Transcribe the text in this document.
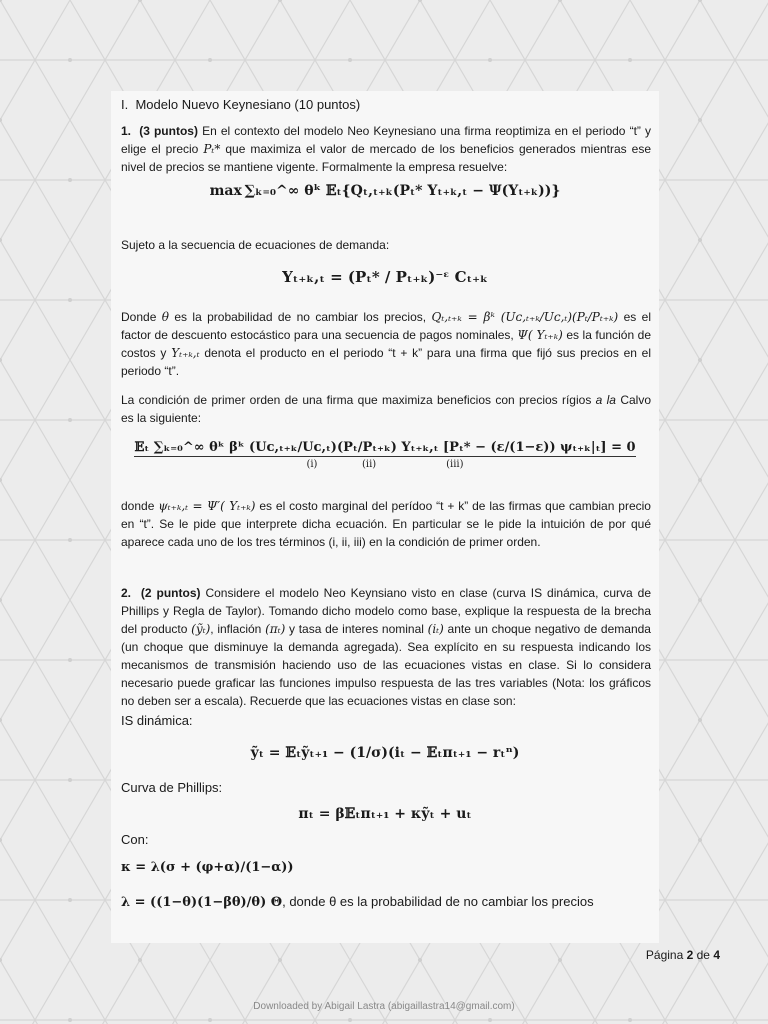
I.  Modelo Nuevo Keynesiano (10 puntos)
1.  (3 puntos) En el contexto del modelo Neo Keynesiano una firma reoptimiza en el periodo “t” y elige el precio Pₜ* que maximiza el valor de mercado de los beneficios generados mientras ese nivel de precios se mantiene vigente. Formalmente la empresa resuelve:
max ∑ₖ₌₀^∞ θᵏ 𝔼ₜ{Qₜ,ₜ₊ₖ(Pₜ* Yₜ₊ₖ,ₜ − Ψ(Yₜ₊ₖ))}
Sujeto a la secuencia de ecuaciones de demanda:
Yₜ₊ₖ,ₜ = (Pₜ* / Pₜ₊ₖ)⁻ᵋ Cₜ₊ₖ
Donde θ es la probabilidad de no cambiar los precios, Qₜ,ₜ₊ₖ = βᵏ (Uᴄ,ₜ₊ₖ/Uᴄ,ₜ)(Pₜ/Pₜ₊ₖ) es el factor de descuento estocástico para una secuencia de pagos nominales, Ψ( Yₜ₊ₖ) es la función de costos y Yₜ₊ₖ,ₜ denota el producto en el periodo “t + k” para una firma que fijó sus precios en el periodo “t”.
La condición de primer orden de una firma que maximiza beneficios con precios rígios a la Calvo es la siguiente:
𝔼ₜ ∑ₖ₌₀^∞ θᵏ βᵏ (Uᴄ,ₜ₊ₖ/Uᴄ,ₜ)(Pₜ/Pₜ₊ₖ) Yₜ₊ₖ,ₜ [Pₜ* − (ε/(1−ε)) ψₜ₊ₖ|ₜ] = 0
(i)	(ii)	(iii)
donde ψₜ₊ₖ,ₜ = Ψ′( Yₜ₊ₖ) es el costo marginal del perídoo “t + k” de las firmas que cambian precio en “t”. Se le pide que interprete dicha ecuación. En particular se le pide la intuición de por qué aparece cada uno de los tres términos (i, ii, iii) en la condición de primer orden.
2.  (2 puntos) Considere el modelo Neo Keynsiano visto en clase (curva IS dinámica, curva de Phillips y Regla de Taylor). Tomando dicho modelo como base, explique la respuesta de la brecha del producto (ỹₜ), inflación (πₜ) y tasa de interes nominal (iₜ) ante un choque negativo de demanda (un choque que disminuye la demanda agregada). Sea explícito en su respuesta indicando los mecanismos de transmisión haciendo uso de las ecuaciones vistas en clase. Si lo considera necesario puede graficar las funciones impulso respuesta de las tres variables (Nota: los gráficos no deben ser a escala). Recuerde que las ecuaciones vistas en clase son:
IS dinámica:
ỹₜ = 𝔼ₜỹₜ₊₁ − (1/σ)(iₜ − 𝔼ₜπₜ₊₁ − rₜⁿ)
Curva de Phillips:
πₜ = β𝔼ₜπₜ₊₁ + κỹₜ + uₜ
Con:
κ = λ(σ + (φ+α)/(1−α))
λ = ((1−θ)(1−βθ)/θ) Θ, donde θ es la probabilidad de no cambiar los precios
Página 2 de 4
Downloaded by Abigail Lastra (abigaillastra14@gmail.com)
